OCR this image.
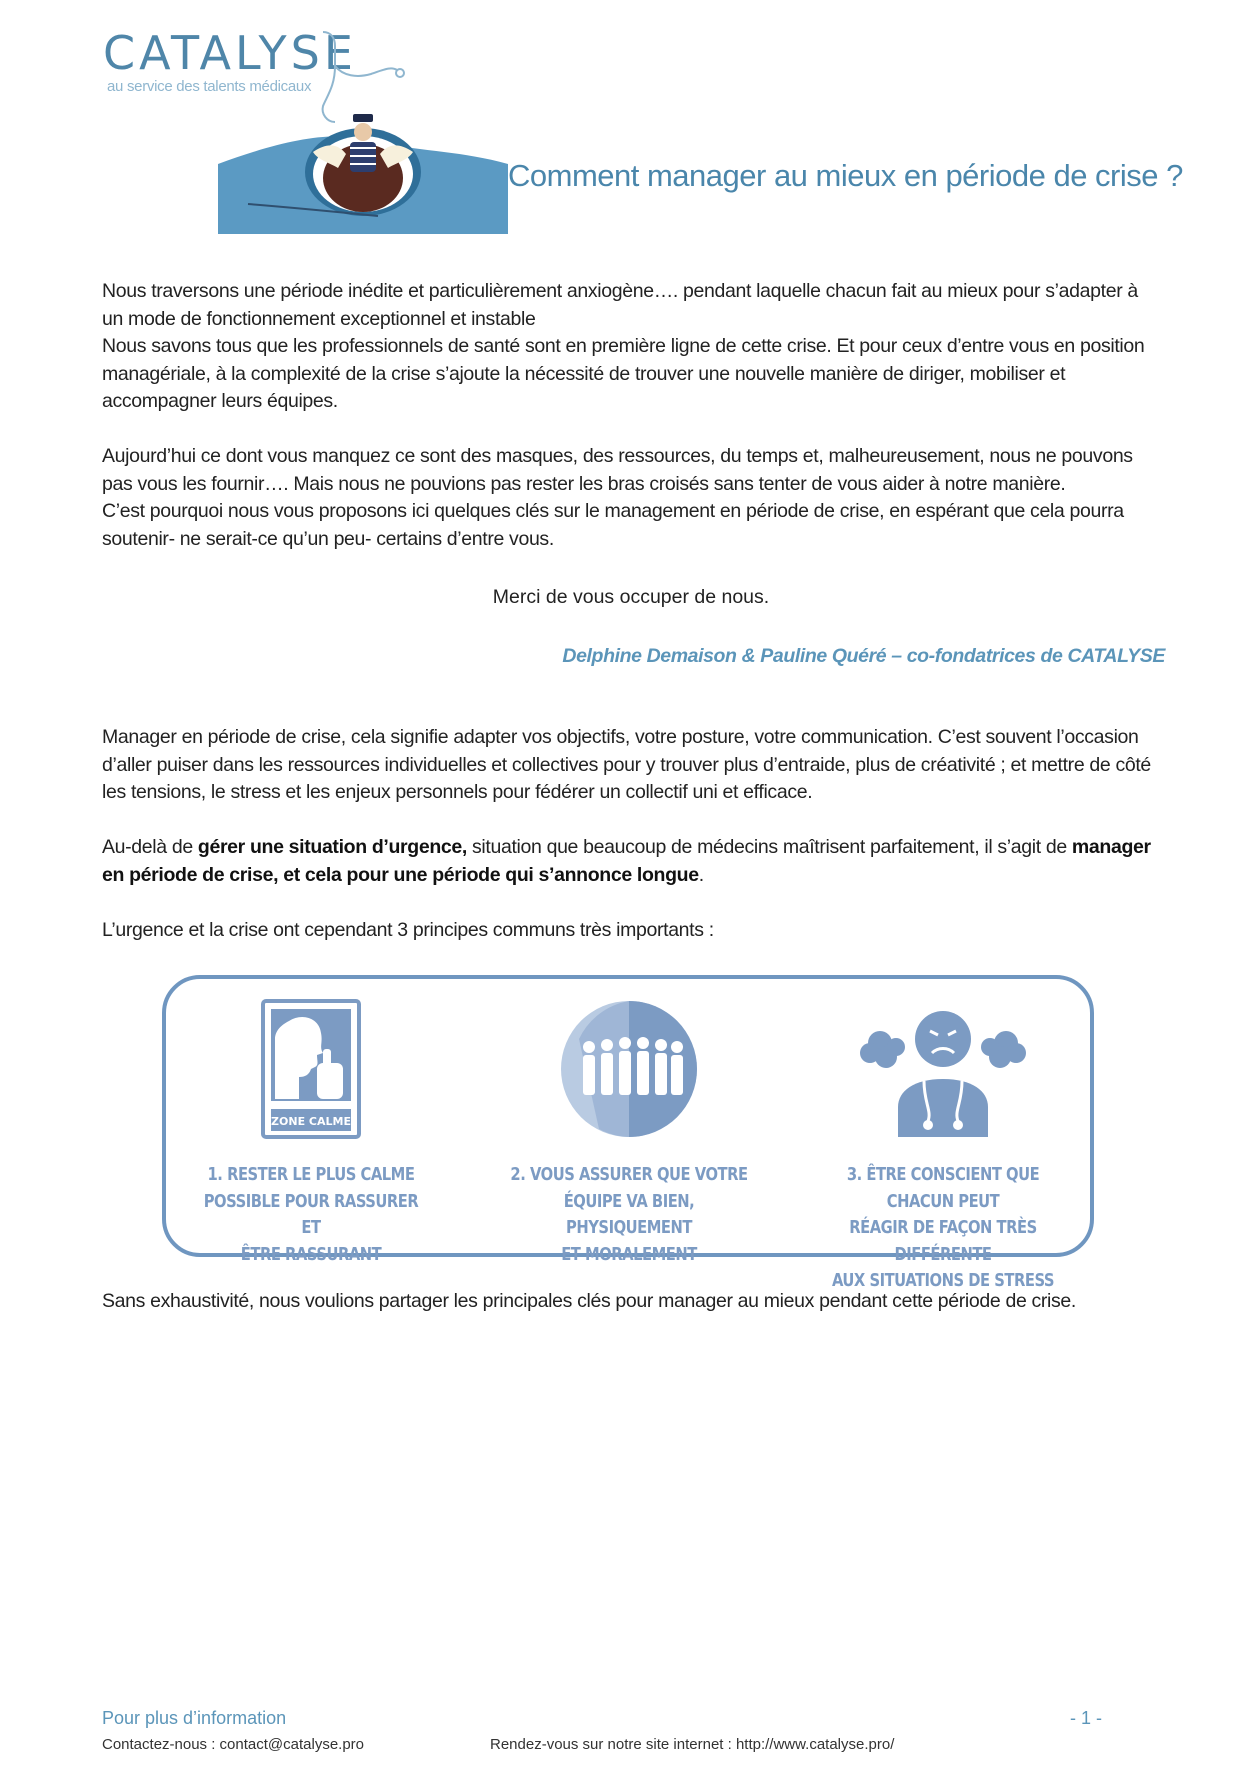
CATALYSE
au service des talents médicaux
Comment manager au mieux en période de crise ?

Nous traversons une période inédite et particulièrement anxiogène…. pendant laquelle chacun fait au mieux pour s’adapter à un mode de fonctionnement exceptionnel et instable

Nous savons tous que les professionnels de santé sont en première ligne de cette crise. Et pour ceux d’entre vous en position managériale, à la complexité de la crise s’ajoute la nécessité de trouver une nouvelle manière de diriger, mobiliser et accompagner leurs équipes.

Aujourd’hui ce dont vous manquez ce sont des masques, des ressources, du temps et, malheureusement, nous ne pouvons pas vous les fournir…. Mais nous ne pouvions pas rester les bras croisés sans tenter de vous aider à notre manière.

C’est pourquoi nous vous proposons ici quelques clés sur le management en période de crise, en espérant que cela pourra soutenir- ne serait-ce qu’un peu- certains d’entre vous.

Merci de vous occuper de nous.
Delphine Demaison & Pauline Quéré – co-fondatrices de CATALYSE
Manager en période de crise, cela signifie adapter vos objectifs, votre posture, votre communication. C’est souvent l’occasion d’aller puiser dans les ressources individuelles et collectives pour y trouver plus d’entraide, plus de créativité ; et mettre de côté les tensions, le stress et les enjeux personnels pour fédérer un collectif uni et efficace.
Au-delà de gérer une situation d’urgence, situation que beaucoup de médecins maîtrisent parfaitement, il s’agit de manager en période de crise, et cela pour une période qui s’annonce longue.
L’urgence et la crise ont cependant 3 principes communs très importants :
ZONE CALME
1. RESTER LE PLUS CALME
POSSIBLE POUR RASSURER ET
ÊTRE RASSURANT
2. VOUS ASSURER QUE VOTRE
ÉQUIPE VA BIEN, PHYSIQUEMENT
ET MORALEMENT
3. ÊTRE CONSCIENT QUE CHACUN PEUT
RÉAGIR DE FAÇON TRÈS DIFFÉRENTE
AUX SITUATIONS DE STRESS
Sans exhaustivité, nous voulions partager les principales clés pour manager au mieux pendant cette période de crise.
Pour plus d’information
Contactez-nous : contact@catalyse.pro	Rendez-vous sur notre site internet : http://www.catalyse.pro/
- 1 -
